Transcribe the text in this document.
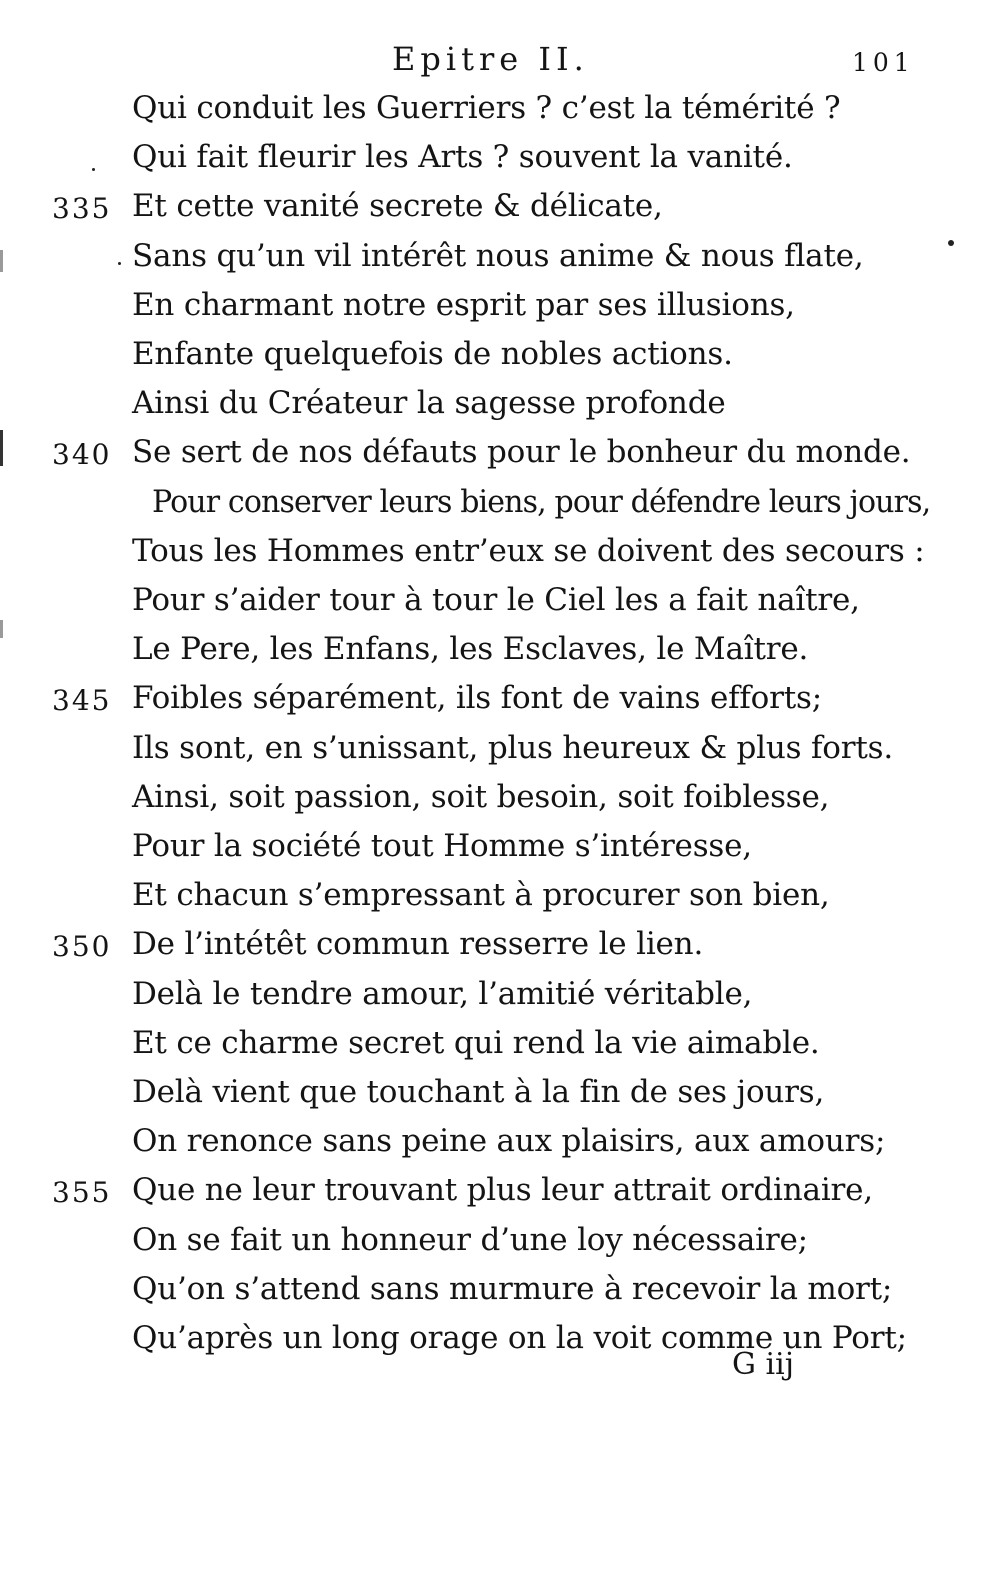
Epitre II.	101
Qui conduit les Guerriers ? c’est la témérité ?
Qui fait fleurir les Arts ? souvent la vanité.
335 Et cette vanité secrete & délicate,
Sans qu’un vil intérêt nous anime & nous flate,
En charmant notre esprit par ses illusions,
Enfante quelquefois de nobles actions.
Ainsi du Créateur la sagesse profonde
340 Se sert de nos défauts pour le bonheur du monde.
Pour conserver leurs biens, pour défendre leurs jours,
Tous les Hommes entr’eux se doivent des secours :
Pour s’aider tour à tour le Ciel les a fait naître,
Le Pere, les Enfans, les Esclaves, le Maître.
345 Foibles séparément, ils font de vains efforts;
Ils sont, en s’unissant, plus heureux & plus forts.
Ainsi, soit passion, soit besoin, soit foiblesse,
Pour la société tout Homme s’intéresse,
Et chacun s’empressant à procurer son bien,
350 De l’intétêt commun resserre le lien.
Delà le tendre amour, l’amitié véritable,
Et ce charme secret qui rend la vie aimable.
Delà vient que touchant à la fin de ses jours,
On renonce sans peine aux plaisirs, aux amours;
355 Que ne leur trouvant plus leur attrait ordinaire,
On se fait un honneur d’une loy nécessaire;
Qu’on s’attend sans murmure à recevoir la mort;
Qu’après un long orage on la voit comme un Port;
G iij
